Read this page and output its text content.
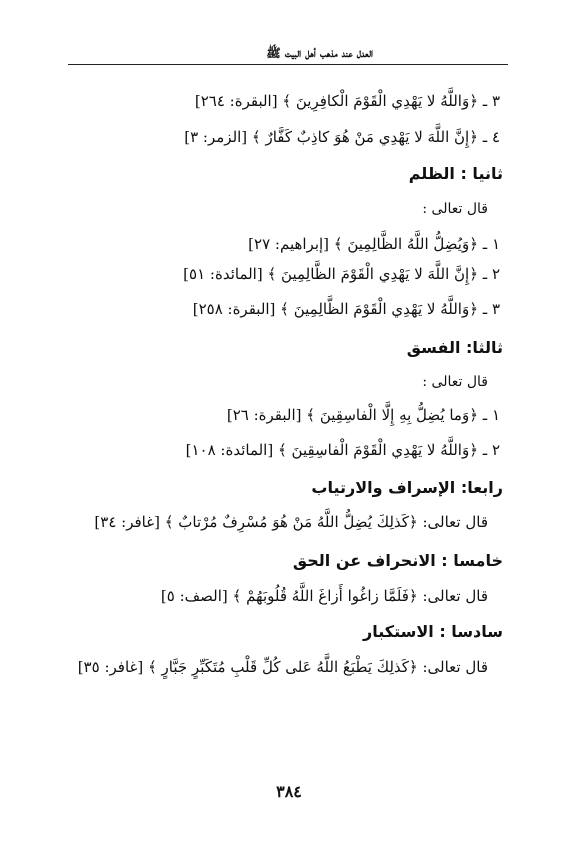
العدل عند مذهب أهل البيت ﷺ
٣ ـ ﴿وَاللَّهُ لا يَهْدِي الْقَوْمَ الْكافِرِينَ ﴾ [البقرة: ٢٦٤]
٤ ـ ﴿إِنَّ اللَّهَ لا يَهْدِي مَنْ هُوَ كاذِبٌ كَفَّارٌ ﴾ [الزمر: ٣]
ثانيا : الظلم
قال تعالى :
١ ـ ﴿وَيُضِلُّ اللَّهُ الظَّالِمِينَ ﴾ [إبراهيم: ٢٧]
٢ ـ ﴿إِنَّ اللَّهَ لا يَهْدِي الْقَوْمَ الظَّالِمِينَ ﴾ [المائدة: ٥١]
٣ ـ ﴿وَاللَّهُ لا يَهْدِي الْقَوْمَ الظَّالِمِينَ ﴾ [البقرة: ٢٥٨]
ثالثا: الفسق
قال تعالى :
١ ـ ﴿وَما يُضِلُّ بِهِ إِلَّا الْفاسِقِينَ ﴾ [البقرة: ٢٦]
٢ ـ ﴿وَاللَّهُ لا يَهْدِي الْقَوْمَ الْفاسِقِينَ ﴾ [المائدة: ١٠٨]
رابعا: الإسراف والارتياب
قال تعالى: ﴿كَذلِكَ يُضِلُّ اللَّهُ مَنْ هُوَ مُسْرِفٌ مُرْتابٌ ﴾ [غافر: ٣٤]
خامسا : الانحراف عن الحق
قال تعالى: ﴿فَلَمَّا زاغُوا أَزاغَ اللَّهُ قُلُوبَهُمْ ﴾ [الصف: ٥]
سادسا : الاستكبار
قال تعالى: ﴿كَذلِكَ يَطْبَعُ اللَّهُ عَلى كُلِّ قَلْبِ مُتَكَبِّرٍ جَبَّارٍ ﴾ [غافر: ٣٥]
٣٨٤
